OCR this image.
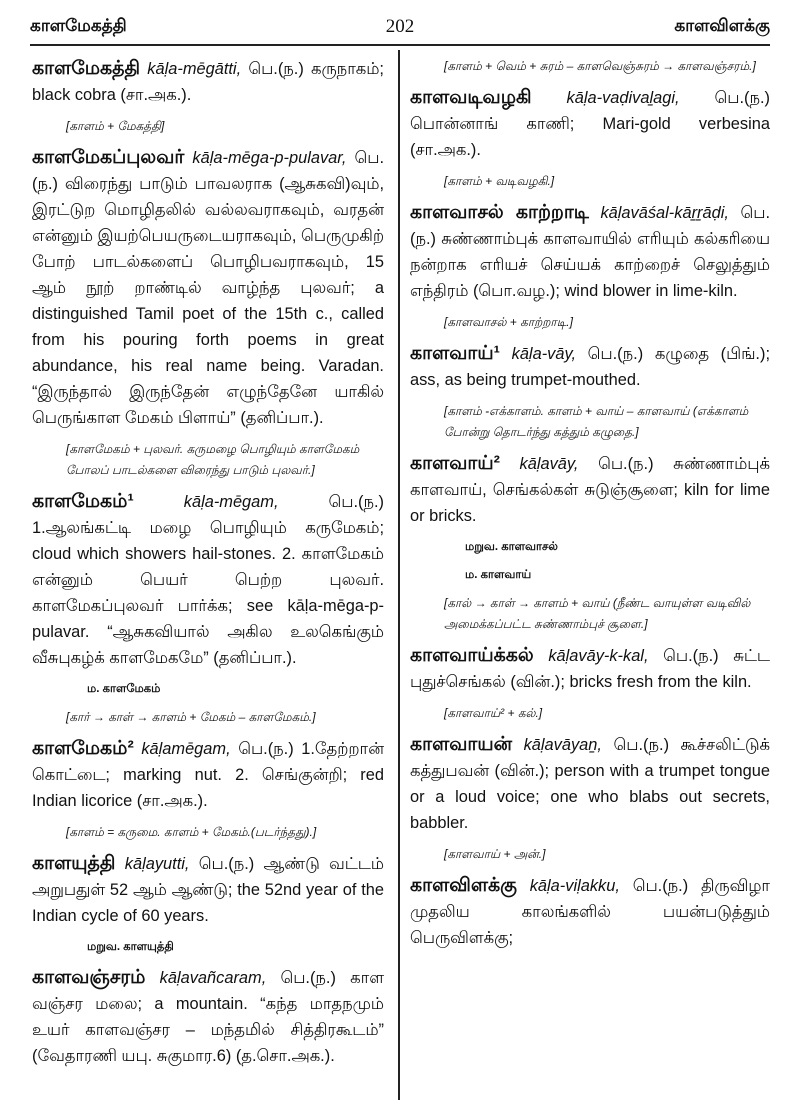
காளமேகத்தி	202	காளவிளக்கு
காளமேகத்தி kāḷa-mēgātti, பெ.(ந.) கருநாகம்; black cobra (சா.அக.).
[காளம் + மேகத்தி]
காளமேகப்புலவர் kāḷa-mēga-p-pulavar, பெ.(ந.) விரைந்து பாடும் பாவலராக (ஆசுகவி)வும், இரட்டுற மொழிதலில் வல்லவராகவும், வரதன் என்னும் இயற்பெயருடையராகவும், பெருமுகிற் போற் பாடல்களைப் பொழிபவராகவும், 15 ஆம் நூற் றாண்டில் வாழ்ந்த புலவர்; a distinguished Tamil poet of the 15th c., called from his pouring forth poems in great abundance, his real name being. Varadan. “இருந்தால் இருந்தேன் எழுந்தேனே யாகில் பெருங்காள மேகம் பிளாய்” (தனிப்பா.).
[காளமேகம் + புலவர். கருமழை பொழியும் காளமேகம் போலப் பாடல்களை விரைந்து பாடும் புலவர்.]
காளமேகம்¹	kāḷa-mēgam,	பெ.(ந.) 1.ஆலங்கட்டி மழை பொழியும் கருமேகம்; cloud which showers hail-stones. 2. காளமேகம் என்னும் பெயர் பெற்ற புலவர். காளமேகப்புலவர் பார்க்க; see kāḷa-mēga-p-pulavar. “ஆசுகவியால் அகில உலகெங்கும் வீசுபுகழ்க் காளமேகமே” (தனிப்பா.).
ம. காளமேகம்
[கார் → காள் → காளம் + மேகம் – காளமேகம்.]
காளமேகம்² kāḷamēgam, பெ.(ந.) 1.தேற்றான் கொட்டை; marking nut. 2. செங்குன்றி; red Indian licorice (சா.அக.).
[காளம் = கருமை. காளம் + மேகம்.(படர்ந்தது).]
காளயுத்தி kāḷayutti, பெ.(ந.) ஆண்டு வட்டம் அறுபதுள் 52 ஆம் ஆண்டு; the 52nd year of the Indian cycle of 60 years.
மறுவ. காளயுத்தி
காளவஞ்சரம் kāḷavañcaram, பெ.(ந.) காள வஞ்சர மலை; a mountain. “கந்த மாதநமும் உயர் காளவஞ்சர – மந்தமில் சித்திரகூடம்” (வேதாரணி யபு. சுகுமார.6) (த.சொ.அக.).
[காளம் + வெம் + சுரம் – காளவெஞ்சுரம் → காளவஞ்சரம்.]
காளவடிவழகி kāḷa-vaḍivaḻagi, பெ.(ந.) பொன்னாங் காணி; Mari-gold verbesina (சா.அக.).
[காளம் + வடிவழகி.]
காளவாசல் காற்றாடி kāḷavāśal-kāṟṟāḍi, பெ.(ந.) சுண்ணாம்புக் காளவாயில் எரியும் கல்கரியை நன்றாக எரியச் செய்யக் காற்றைச் செலுத்தும் எந்திரம் (பொ.வழ.); wind blower in lime-kiln.
[காளவாசல் + காற்றாடி.]
காளவாய்¹ kāḷa-vāy, பெ.(ந.) கழுதை (பிங்.); ass, as being trumpet-mouthed.
[காளம் -எக்காளம். காளம் + வாய் – காளவாய் (எக்காளம் போன்று தொடர்ந்து கத்தும் கழுதை.]
காளவாய்² kāḷavāy, பெ.(ந.) சுண்ணாம்புக் காளவாய், செங்கல்கள் சுடுஞ்சூளை; kiln for lime or bricks.
மறுவ. காளவாசல்
ம. காளவாய்
[கால் → காள் → காளம் + வாய் (நீண்ட வாயுள்ள வடிவில் அமைக்கப்பட்ட சுண்ணாம்புச் சூளை.]
காளவாய்க்கல் kāḷavāy-k-kal, பெ.(ந.) சுட்ட புதுச்செங்கல் (வின்.); bricks fresh from the kiln.
[காளவாய்² + கல்.]
காளவாயன் kāḷavāyaṉ, பெ.(ந.) கூச்சலிட்டுக் கத்துபவன் (வின்.); person with a trumpet tongue or a loud voice; one who blabs out secrets, babbler.
[காளவாய் + அன்.]
காளவிளக்கு kāḷa-viḷakku, பெ.(ந.) திருவிழா முதலிய காலங்களில் பயன்படுத்தும் பெருவிளக்கு;
